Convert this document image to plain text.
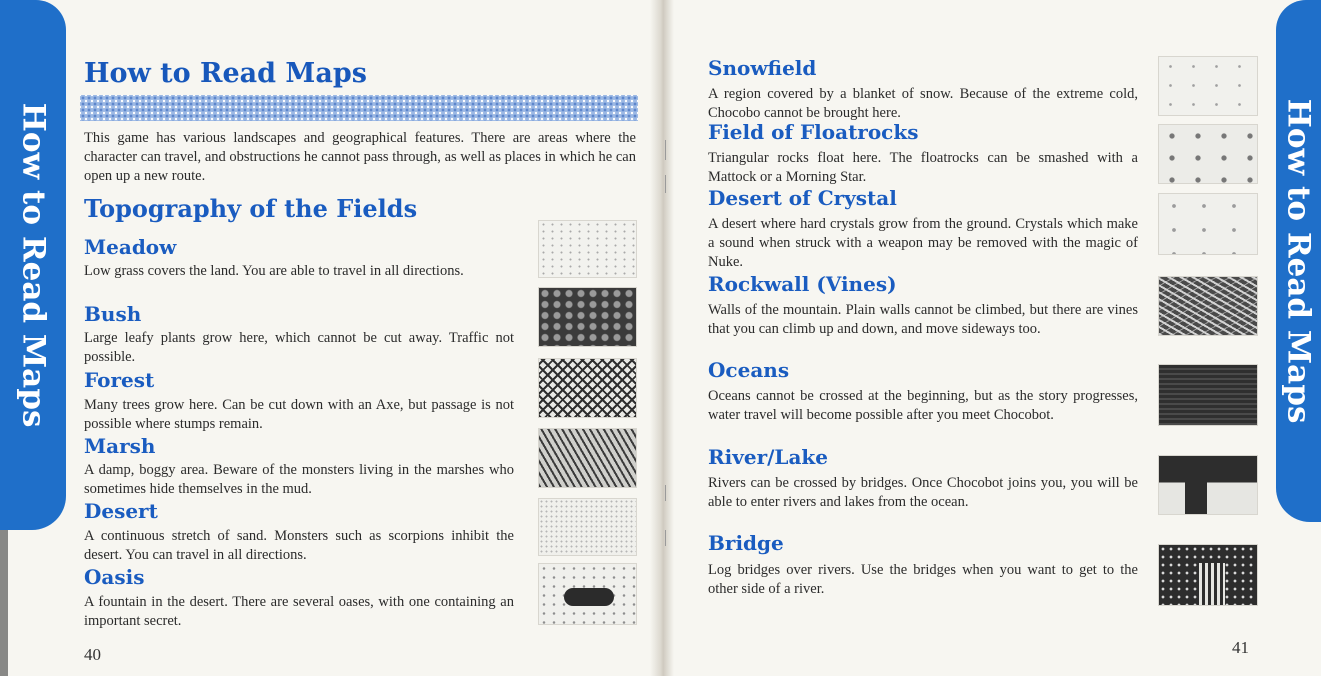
How to Read Maps	How to Read Maps
How to Read Maps
This game has various landscapes and geographical features. There are areas where the character can travel, and obstructions he cannot pass through, as well as places in which he can open up a new route.
Topography of the Fields
Meadow
Low grass covers the land. You are able to travel in all directions.
Bush
Large leafy plants grow here, which cannot be cut away. Traffic not possible.
Forest
Many trees grow here. Can be cut down with an Axe, but passage is not possible where stumps remain.
Marsh
A damp, boggy area. Beware of the monsters living in the marshes who sometimes hide themselves in the mud.
Desert
A continuous stretch of sand. Monsters such as scorpions inhibit the desert. You can travel in all directions.
Oasis
A fountain in the desert. There are several oases, with one containing an important secret.
40
Snowfield
A region covered by a blanket of snow. Because of the extreme cold, Chocobo cannot be brought here.
Field of Floatrocks
Triangular rocks float here. The floatrocks can be smashed with a Mattock or a Morning Star.
Desert of Crystal
A desert where hard crystals grow from the ground. Crystals which make a sound when struck with a weapon may be removed with the magic of Nuke.
Rockwall (Vines)
Walls of the mountain. Plain walls cannot be climbed, but there are vines that you can climb up and down, and move sideways too.
Oceans
Oceans cannot be crossed at the beginning, but as the story progresses, water travel will become possible after you meet Chocobot.
River/Lake
Rivers can be crossed by bridges. Once Chocobot joins you, you will be able to enter rivers and lakes from the ocean.
Bridge
Log bridges over rivers. Use the bridges when you want to get to the other side of a river.
41
